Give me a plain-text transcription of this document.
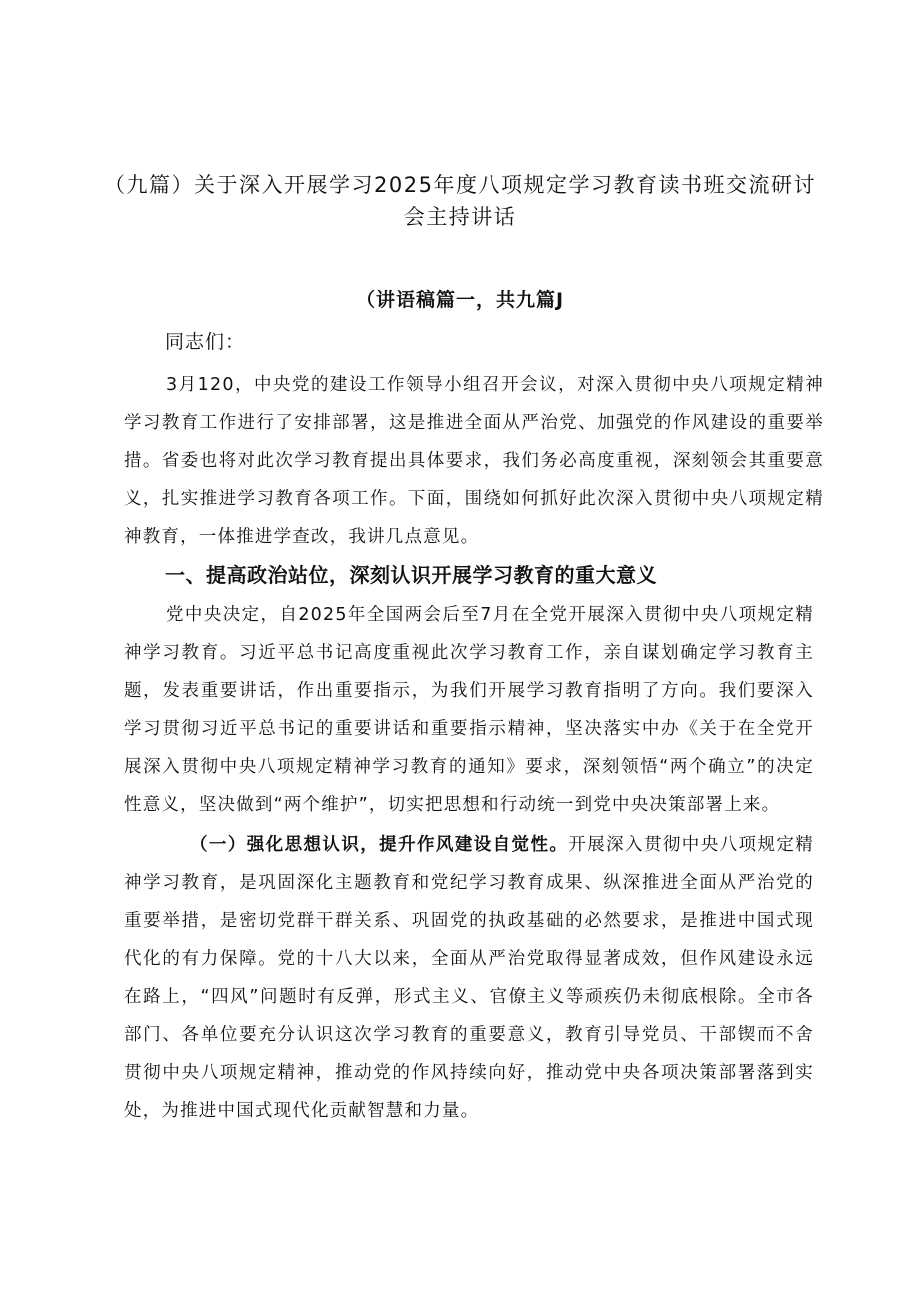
（九篇）关于深入开展学习2025年度八项规定学习教育读书班交流研讨
会主持讲话

（讲语稿篇一，共九篇J

同志们：

3月120，中央党的建设工作领导小组召开会议，对深入贯彻中央八项规定精神学习教育工作进行了安排部署，这是推进全面从严治党、加强党的作风建设的重要举措。省委也将对此次学习教育提出具体要求，我们务必高度重视，深刻领会其重要意义，扎实推进学习教育各项工作。下面，围绕如何抓好此次深入贯彻中央八项规定精神教育，一体推进学查改，我讲几点意见。

一、提高政治站位，深刻认识开展学习教育的重大意义

党中央决定，自2025年全国两会后至7月在全党开展深入贯彻中央八项规定精神学习教育。习近平总书记高度重视此次学习教育工作，亲自谋划确定学习教育主题，发表重要讲话，作出重要指示，为我们开展学习教育指明了方向。我们要深入学习贯彻习近平总书记的重要讲话和重要指示精神，坚决落实中办《关于在全党开展深入贯彻中央八项规定精神学习教育的通知》要求，深刻领悟“两个确立”的决定性意义，坚决做到“两个维护”，切实把思想和行动统一到党中央决策部署上来。

（一）强化思想认识，提升作风建设自觉性。开展深入贯彻中央八项规定精神学习教育，是巩固深化主题教育和党纪学习教育成果、纵深推进全面从严治党的重要举措，是密切党群干群关系、巩固党的执政基础的必然要求，是推进中国式现代化的有力保障。党的十八大以来，全面从严治党取得显著成效，但作风建设永远在路上，“四风”问题时有反弹，形式主义、官僚主义等顽疾仍未彻底根除。全市各部门、各单位要充分认识这次学习教育的重要意义，教育引导党员、干部锲而不舍贯彻中央八项规定精神，推动党的作风持续向好，推动党中央各项决策部署落到实处，为推进中国式现代化贡献智慧和力量。
